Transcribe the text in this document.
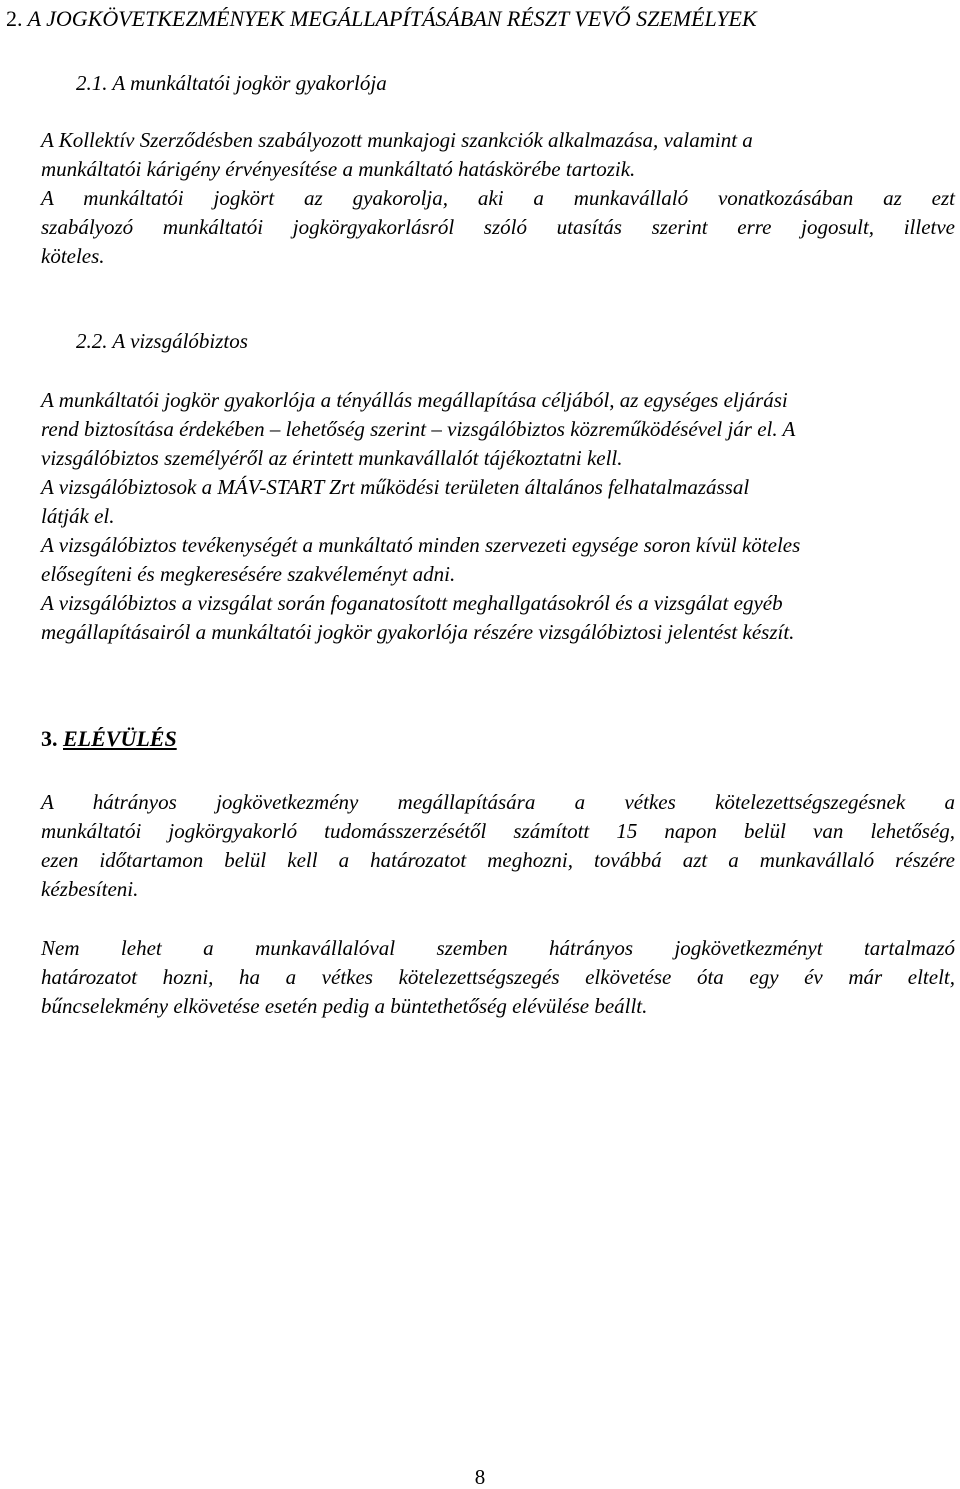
2. A JOGKÖVETKEZMÉNYEK MEGÁLLAPÍTÁSÁBAN RÉSZT VEVŐ SZEMÉLYEK
2.1. A munkáltatói jogkör gyakorlója
A Kollektív Szerződésben szabályozott munkajogi szankciók alkalmazása, valamint a
munkáltatói kárigény érvényesítése a munkáltató hatáskörébe tartozik.
A munkáltatói jogkört az gyakorolja, aki a munkavállaló vonatkozásában az ezt
szabályozó munkáltatói jogkörgyakorlásról szóló utasítás szerint erre jogosult, illetve
köteles.
2.2. A vizsgálóbiztos
A munkáltatói jogkör gyakorlója a tényállás megállapítása céljából, az egységes eljárási
rend biztosítása érdekében – lehetőség szerint – vizsgálóbiztos közreműködésével jár el. A
vizsgálóbiztos személyéről az érintett munkavállalót tájékoztatni kell.
A vizsgálóbiztosok a MÁV-START Zrt működési területen általános felhatalmazással
látják el.
A vizsgálóbiztos tevékenységét a munkáltató minden szervezeti egysége soron kívül köteles
elősegíteni és megkeresésére szakvéleményt adni.
A vizsgálóbiztos a vizsgálat során foganatosított meghallgatásokról és a vizsgálat egyéb
megállapításairól a munkáltatói jogkör gyakorlója részére vizsgálóbiztosi jelentést készít.
3. ELÉVÜLÉS
A hátrányos jogkövetkezmény megállapítására a vétkes kötelezettségszegésnek a
munkáltatói jogkörgyakorló tudomásszerzésétől számított 15 napon belül van lehetőség,
ezen időtartamon belül kell a határozatot meghozni, továbbá azt a munkavállaló részére
kézbesíteni.
Nem lehet a munkavállalóval szemben hátrányos jogkövetkezményt tartalmazó
határozatot hozni, ha a vétkes kötelezettségszegés elkövetése óta egy év már eltelt,
bűncselekmény elkövetése esetén pedig a büntethetőség elévülése beállt.
8
